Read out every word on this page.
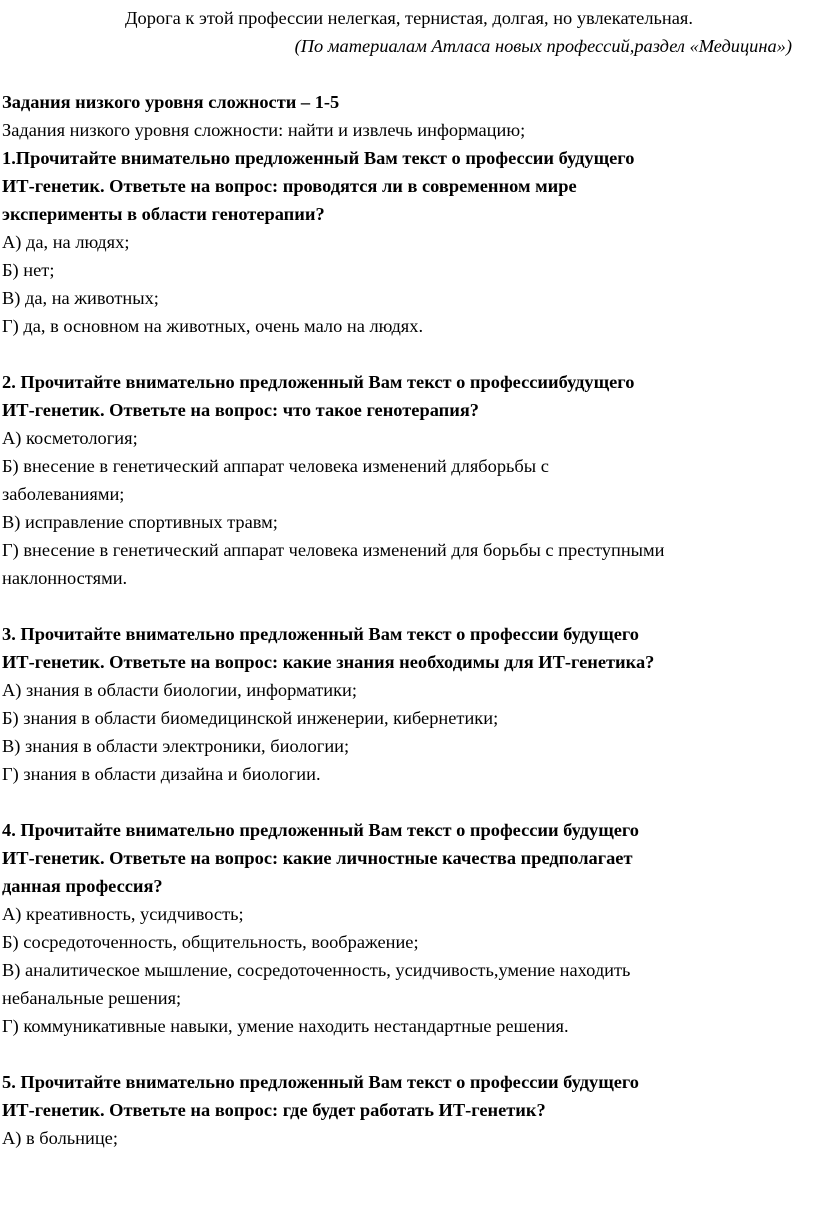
Дорога к этой профессии нелегкая, тернистая, долгая, но увлекательная.
(По материалам Атласа новых профессий,раздел «Медицина»)
Задания низкого уровня сложности – 1-5
Задания низкого уровня сложности: найти и извлечь информацию;
1.Прочитайте внимательно предложенный Вам текст о профессии будущего
ИТ-генетик. Ответьте на вопрос: проводятся ли в современном мире
эксперименты в области генотерапии?
А) да, на людях;
Б) нет;
В) да, на животных;
Г) да, в основном на животных, очень мало на людях.
2. Прочитайте внимательно предложенный Вам текст о профессиибудущего
ИТ-генетик. Ответьте на вопрос: что такое генотерапия?
А) косметология;
Б) внесение в генетический аппарат человека изменений дляборьбы с
заболеваниями;
В) исправление спортивных травм;
Г) внесение в генетический аппарат человека изменений для борьбы с преступными
наклонностями.
3. Прочитайте внимательно предложенный Вам текст о профессии будущего
ИТ-генетик. Ответьте на вопрос: какие знания необходимы для ИТ-генетика?
А) знания в области биологии, информатики;
Б) знания в области биомедицинской инженерии, кибернетики;
В) знания в области электроники, биологии;
Г) знания в области дизайна и биологии.
4. Прочитайте внимательно предложенный Вам текст о профессии будущего
ИТ-генетик. Ответьте на вопрос: какие личностные качества предполагает
данная профессия?
А) креативность, усидчивость;
Б) сосредоточенность, общительность, воображение;
В) аналитическое мышление, сосредоточенность, усидчивость,умение находить
небанальные решения;
Г) коммуникативные навыки, умение находить нестандартные решения.
5. Прочитайте внимательно предложенный Вам текст о профессии будущего
ИТ-генетик. Ответьте на вопрос: где будет работать ИТ-генетик?
А) в больнице;
